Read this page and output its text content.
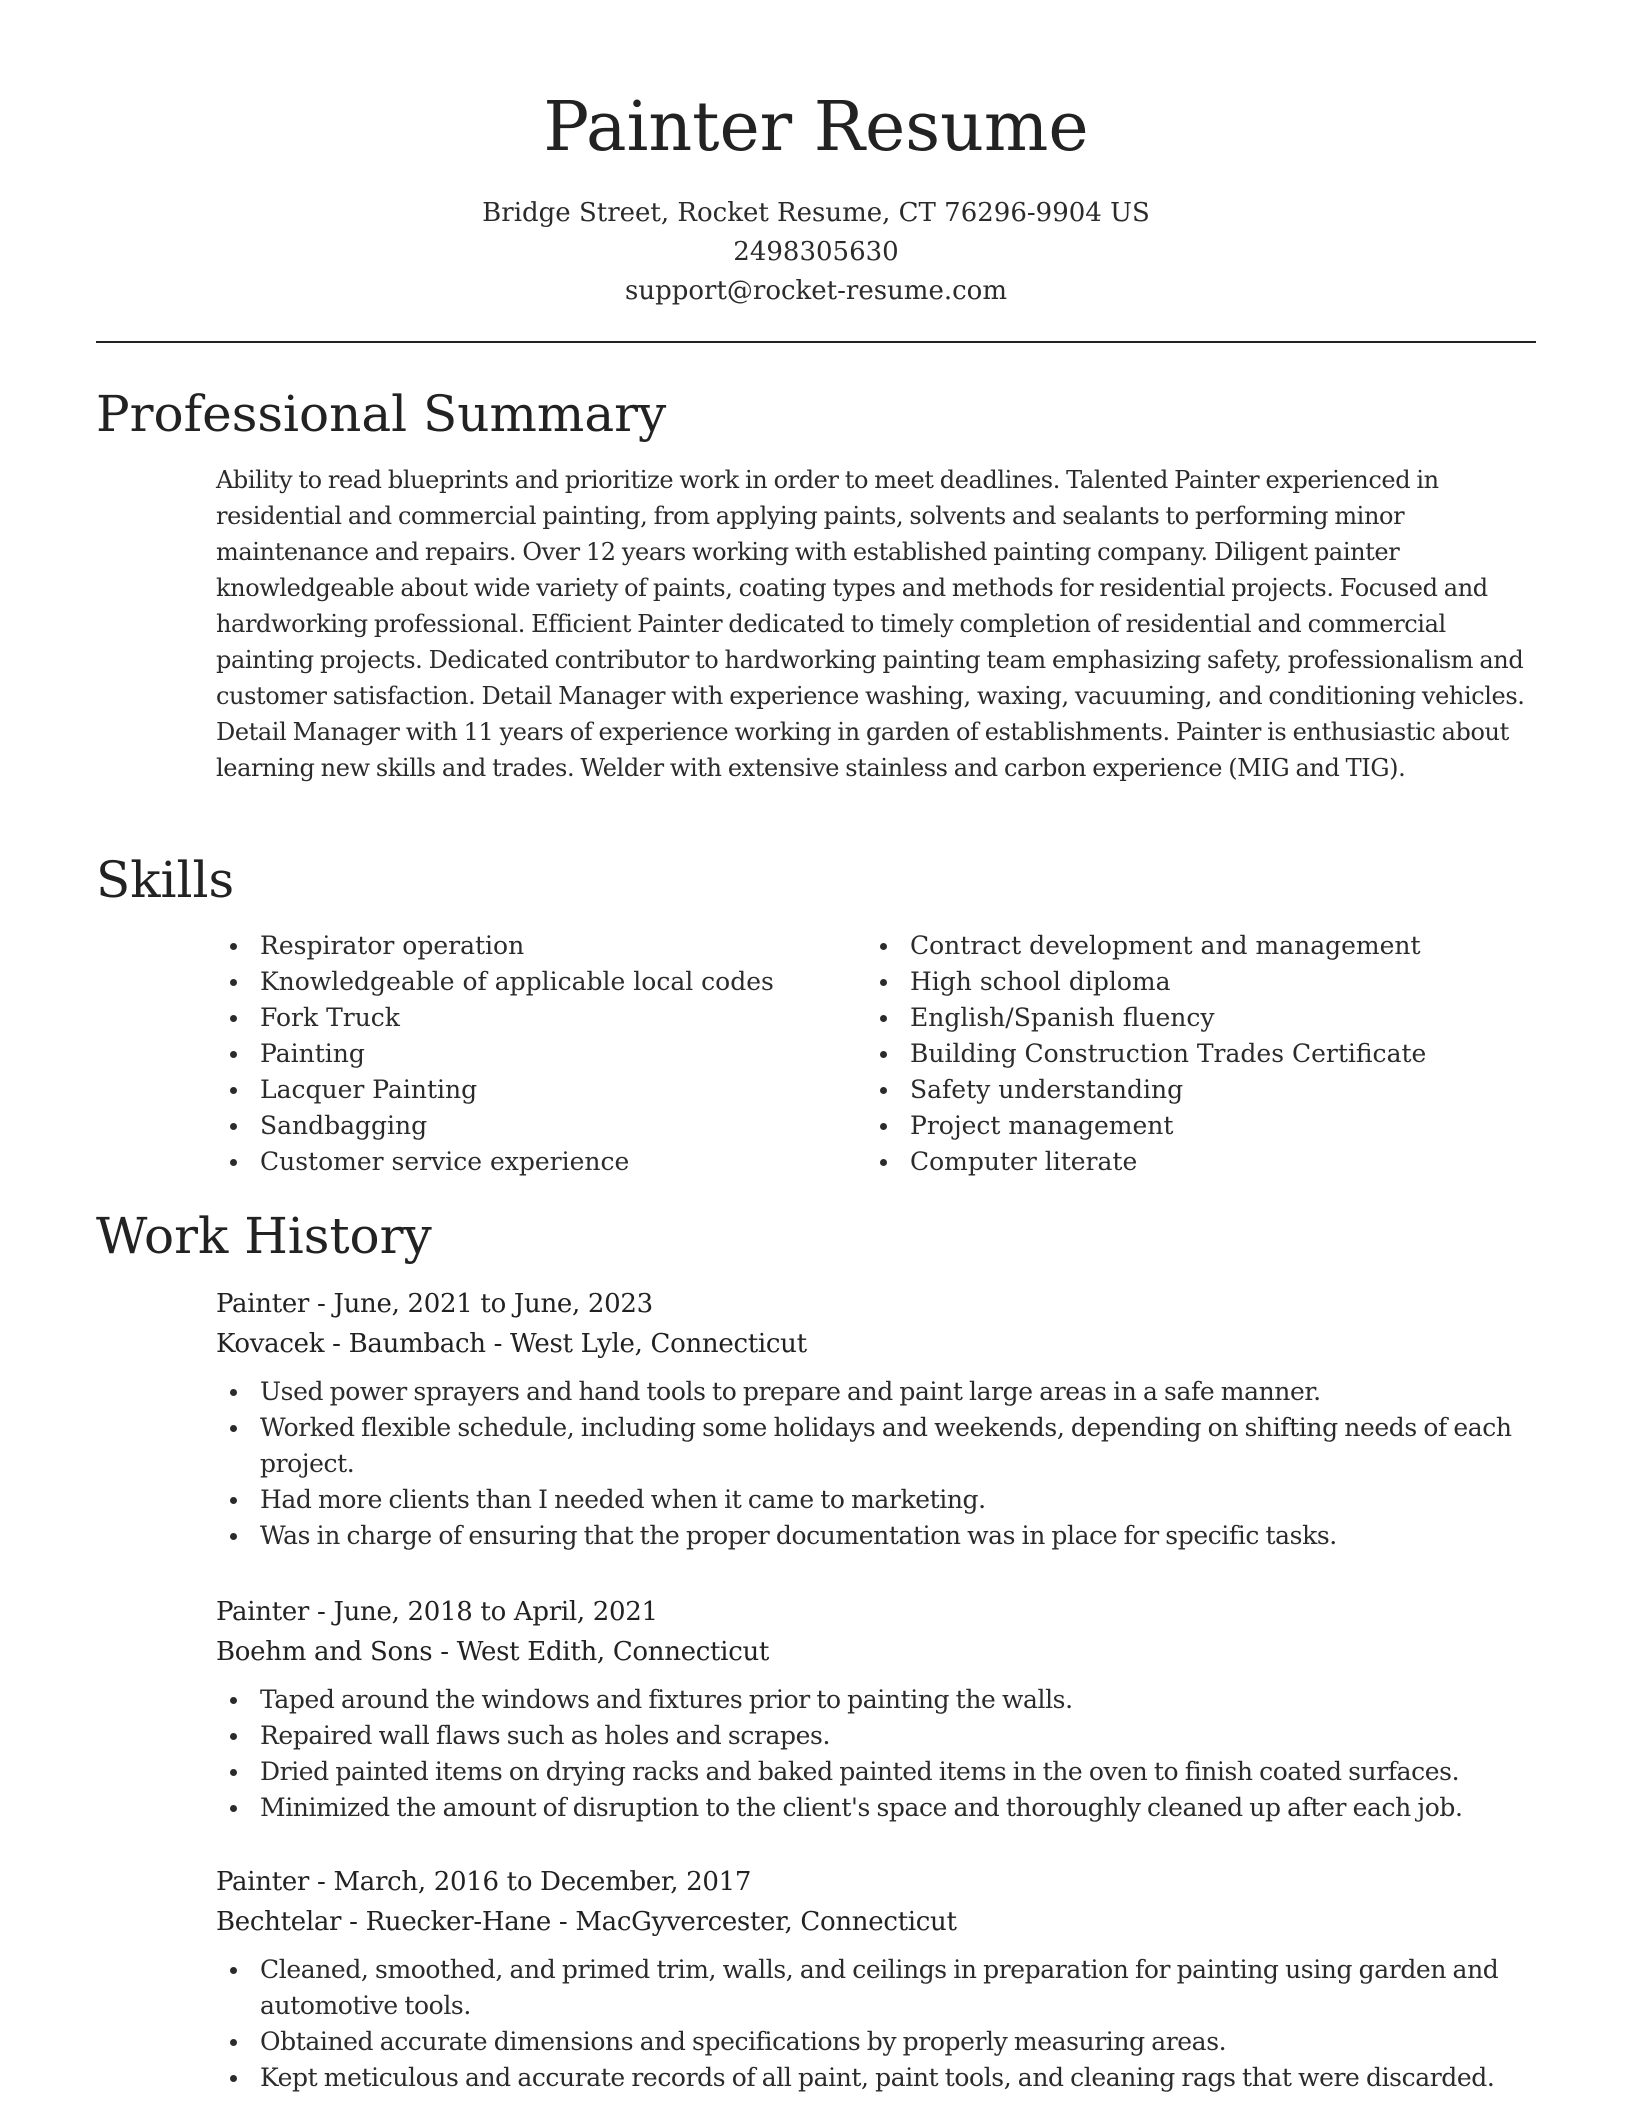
Painter Resume
Bridge Street, Rocket Resume, CT 76296-9904 US
2498305630
support@rocket-resume.com
Professional Summary

Ability to read blueprints and prioritize work in order to meet deadlines. Talented Painter experienced in residential and commercial painting, from applying paints, solvents and sealants to performing minor maintenance and repairs. Over 12 years working with established painting company. Diligent painter knowledgeable about wide variety of paints, coating types and methods for residential projects. Focused and hardworking professional. Efficient Painter dedicated to timely completion of residential and commercial painting projects. Dedicated contributor to hardworking painting team emphasizing safety, professionalism and customer satisfaction. Detail Manager with experience washing, waxing, vacuuming, and conditioning vehicles. Detail Manager with 11 years of experience working in garden of establishments. Painter is enthusiastic about learning new skills and trades. Welder with extensive stainless and carbon experience (MIG and TIG).

Skills
Respirator operation
Knowledgeable of applicable local codes
Fork Truck
Painting
Lacquer Painting
Sandbagging
Customer service experience
Contract development and management
High school diploma
English/Spanish fluency
Building Construction Trades Certificate
Safety understanding
Project management
Computer literate
Work History
Painter - June, 2021 to June, 2023
Kovacek - Baumbach - West Lyle, Connecticut
Used power sprayers and hand tools to prepare and paint large areas in a safe manner.
Worked flexible schedule, including some holidays and weekends, depending on shifting needs of each project.
Had more clients than I needed when it came to marketing.
Was in charge of ensuring that the proper documentation was in place for specific tasks.
Painter - June, 2018 to April, 2021
Boehm and Sons - West Edith, Connecticut
Taped around the windows and fixtures prior to painting the walls.
Repaired wall flaws such as holes and scrapes.
Dried painted items on drying racks and baked painted items in the oven to finish coated surfaces.
Minimized the amount of disruption to the client's space and thoroughly cleaned up after each job.
Painter - March, 2016 to December, 2017
Bechtelar - Ruecker-Hane - MacGyvercester, Connecticut
Cleaned, smoothed, and primed trim, walls, and ceilings in preparation for painting using garden and automotive tools.
Obtained accurate dimensions and specifications by properly measuring areas.
Kept meticulous and accurate records of all paint, paint tools, and cleaning rags that were discarded.
